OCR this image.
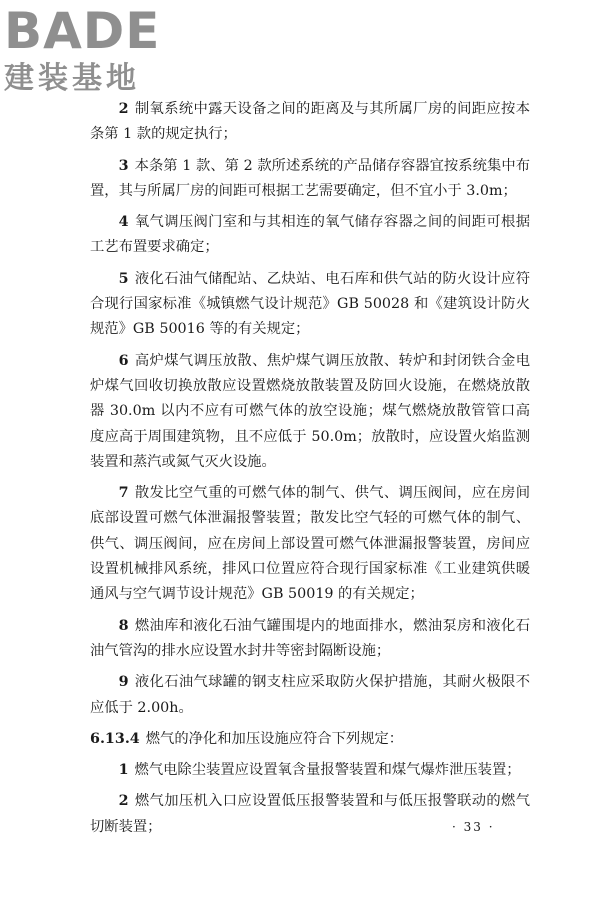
BADE
建装基地

2 制氧系统中露天设备之间的距离及与其所属厂房的间距应按本条第 1 款的规定执行；

3 本条第 1 款、第 2 款所述系统的产品储存容器宜按系统集中布置，其与所属厂房的间距可根据工艺需要确定，但不宜小于 3.0m；

4 氧气调压阀门室和与其相连的氧气储存容器之间的间距可根据工艺布置要求确定；

5 液化石油气储配站、乙炔站、电石库和供气站的防火设计应符合现行国家标准《城镇燃气设计规范》GB 50028 和《建筑设计防火规范》GB 50016 等的有关规定；

6 高炉煤气调压放散、焦炉煤气调压放散、转炉和封闭铁合金电炉煤气回收切换放散应设置燃烧放散装置及防回火设施，在燃烧放散器 30.0m 以内不应有可燃气体的放空设施；煤气燃烧放散管管口高度应高于周围建筑物，且不应低于 50.0m；放散时，应设置火焰监测装置和蒸汽或氮气灭火设施。

7 散发比空气重的可燃气体的制气、供气、调压阀间，应在房间底部设置可燃气体泄漏报警装置；散发比空气轻的可燃气体的制气、供气、调压阀间，应在房间上部设置可燃气体泄漏报警装置，房间应设置机械排风系统，排风口位置应符合现行国家标准《工业建筑供暖通风与空气调节设计规范》GB 50019 的有关规定；

8 燃油库和液化石油气罐围堤内的地面排水，燃油泵房和液化石油气管沟的排水应设置水封井等密封隔断设施；

9 液化石油气球罐的钢支柱应采取防火保护措施，其耐火极限不应低于 2.00h。

6.13.4 燃气的净化和加压设施应符合下列规定：

1 燃气电除尘装置应设置氧含量报警装置和煤气爆炸泄压装置；

2 燃气加压机入口应设置低压报警装置和与低压报警联动的燃气切断装置；	· 33 ·
